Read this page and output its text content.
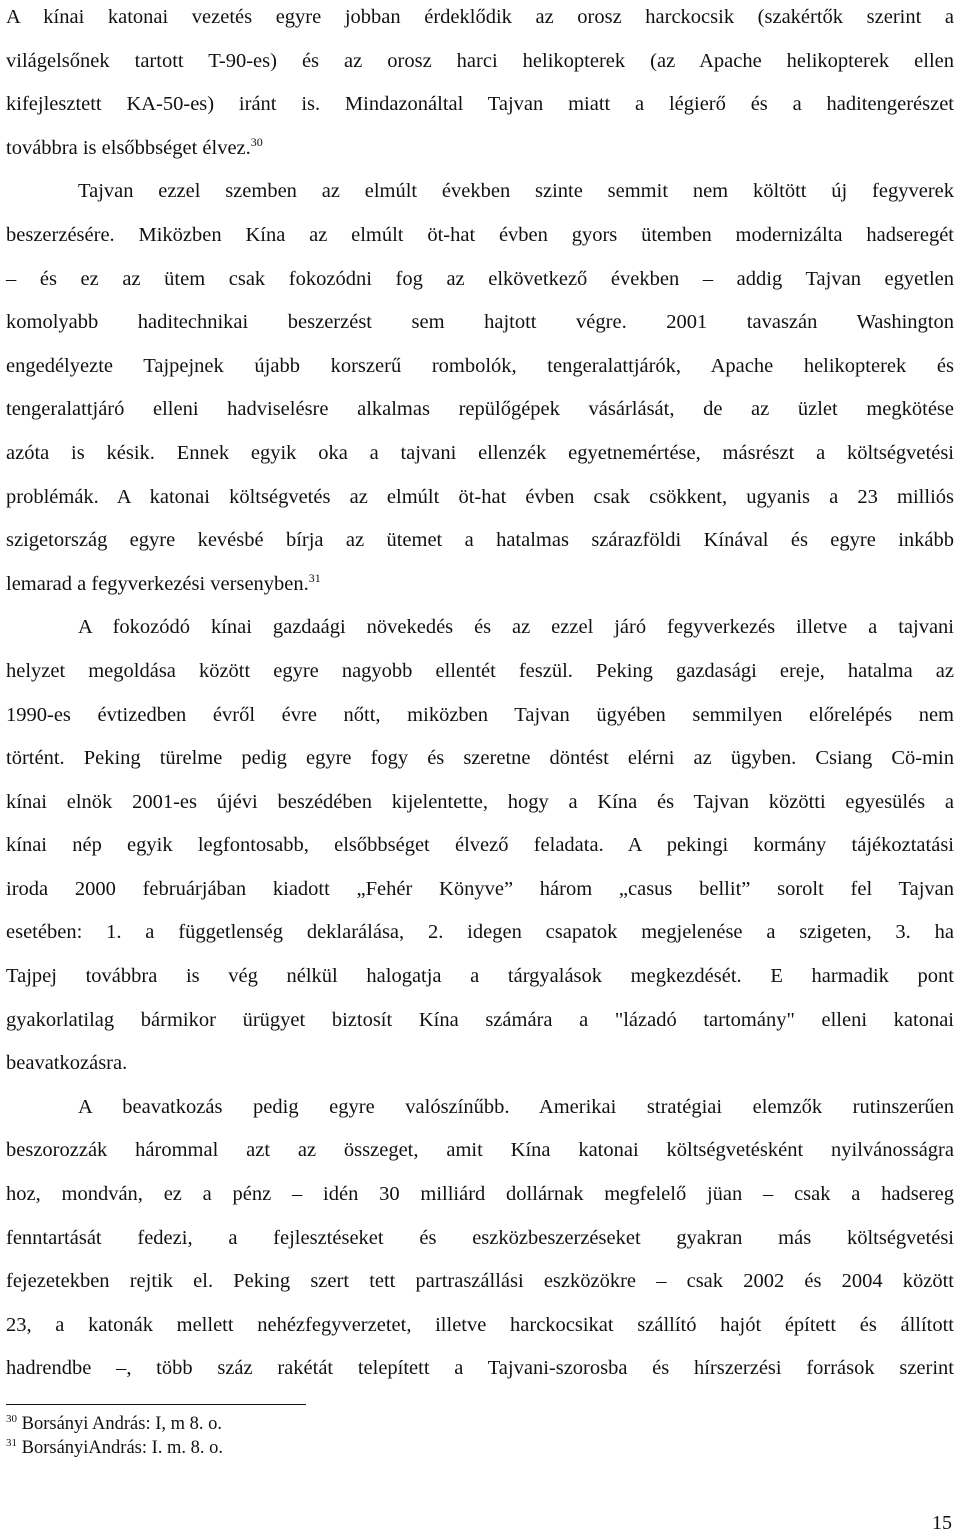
A kínai katonai vezetés egyre jobban érdeklődik az orosz harckocsik (szakértők szerint a
világelsőnek tartott T-90-es) és az orosz harci helikopterek (az Apache helikopterek ellen
kifejlesztett KA-50-es) iránt is. Mindazonáltal Tajvan miatt a légierő és a haditengerészet
továbbra is elsőbbséget élvez.$^{30}$

Tajvan ezzel szemben az elmúlt években szinte semmit nem költött új fegyverek
beszerzésére. Miközben Kína az elmúlt öt-hat évben gyors ütemben modernizálta hadseregét
– és ez az ütem csak fokozódni fog az elkövetkező években – addig Tajvan egyetlen
komolyabb haditechnikai beszerzést sem hajtott végre. 2001 tavaszán Washington
engedélyezte Tajpejnek újabb korszerű rombolók, tengeralattjárók, Apache helikopterek és
tengeralattjáró elleni hadviselésre alkalmas repülőgépek vásárlását, de az üzlet megkötése
azóta is késik. Ennek egyik oka a tajvani ellenzék egyetnemértése, másrészt a költségvetési
problémák. A katonai költségvetés az elmúlt öt-hat évben csak csökkent, ugyanis a 23 milliós
szigetország egyre kevésbé bírja az ütemet a hatalmas szárazföldi Kínával és egyre inkább
lemarad a fegyverkezési versenyben.$^{31}$

A fokozódó kínai gazdaági növekedés és az ezzel járó fegyverkezés illetve a tajvani
helyzet megoldása között egyre nagyobb ellentét feszül. Peking gazdasági ereje, hatalma az
1990-es évtizedben évről évre nőtt, miközben Tajvan ügyében semmilyen előrelépés nem
történt. Peking türelme pedig egyre fogy és szeretne döntést elérni az ügyben. Csiang Cö-min
kínai elnök 2001-es újévi beszédében kijelentette, hogy a Kína és Tajvan közötti egyesülés a
kínai nép egyik legfontosabb, elsőbbséget élvező feladata. A pekingi kormány tájékoztatási
iroda 2000 februárjában kiadott „Fehér Könyve” három „casus bellit” sorolt fel Tajvan
esetében: 1. a függetlenség deklarálása, 2. idegen csapatok megjelenése a szigeten, 3. ha
Tajpej továbbra is vég nélkül halogatja a tárgyalások megkezdését. E harmadik pont
gyakorlatilag bármikor ürügyet biztosít Kína számára a "lázadó tartomány" elleni katonai
beavatkozásra.

A beavatkozás pedig egyre valószínűbb. Amerikai stratégiai elemzők rutinszerűen
beszorozzák hárommal azt az összeget, amit Kína katonai költségvetésként nyilvánosságra
hoz, mondván, ez a pénz – idén 30 milliárd dollárnak megfelelő jüan – csak a hadsereg
fenntartását fedezi, a fejlesztéseket és eszközbeszerzéseket gyakran más költségvetési
fejezetekben rejtik el. Peking szert tett partraszállási eszközökre – csak 2002 és 2004 között
23, a katonák mellett nehézfegyverzetet, illetve harckocsikat szállító hajót épített és állított
hadrendbe –, több száz rakétát telepített a Tajvani-szorosba és hírszerzési források szerint

$^{30}$ Borsányi András: I, m 8. o.
$^{31}$ BorsányiAndrás: I. m. 8. o.
15
